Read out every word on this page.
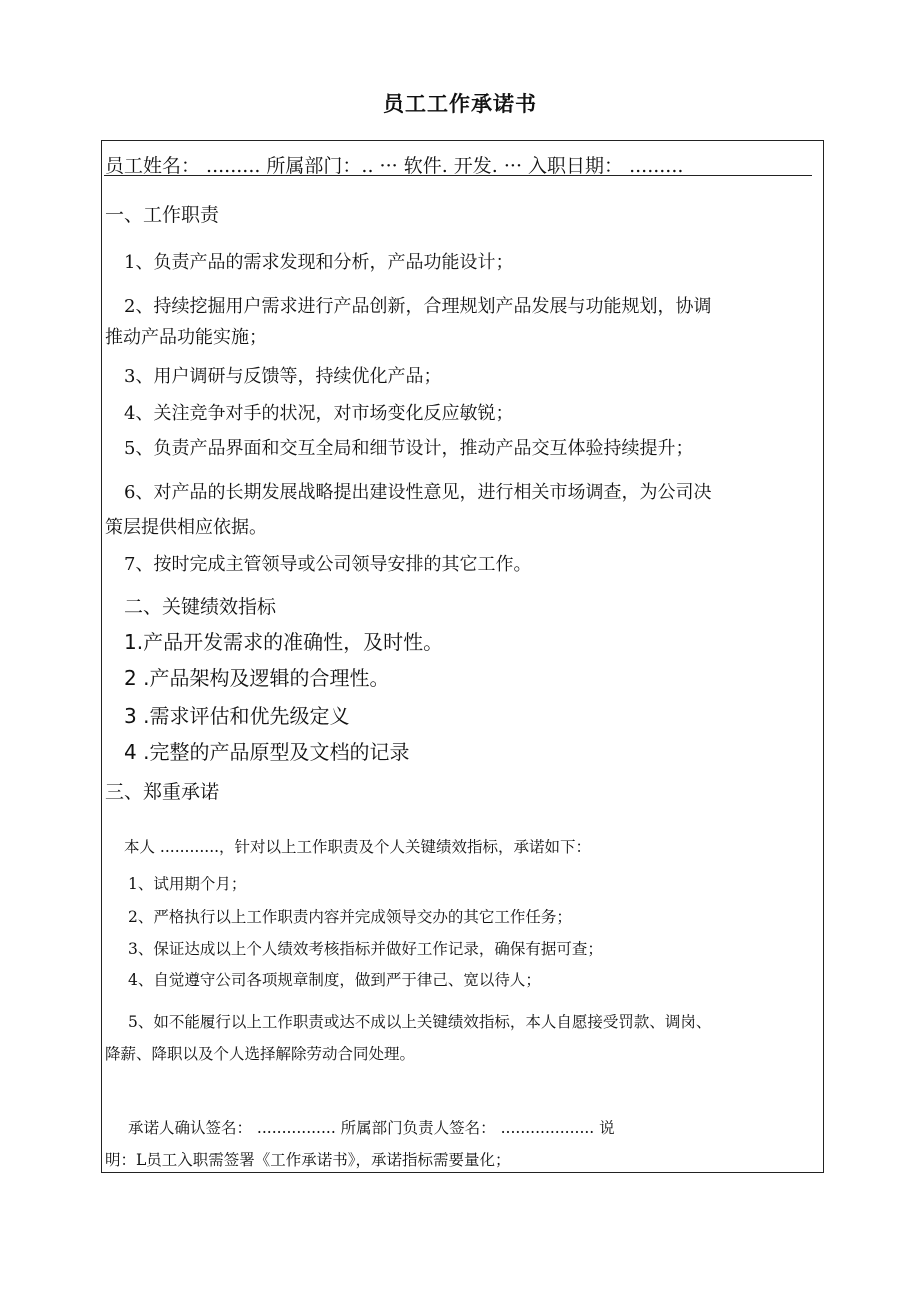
员工工作承诺书
员工姓名： ......... 所属部门：.. ··· 软件. 开发. ··· 入职日期： .........
一、工作职责
1、负责产品的需求发现和分析，产品功能设计；
2、持续挖掘用户需求进行产品创新，合理规划产品发展与功能规划，协调
推动产品功能实施；
3、用户调研与反馈等，持续优化产品；
4、关注竞争对手的状况，对市场变化反应敏锐；
5、负责产品界面和交互全局和细节设计，推动产品交互体验持续提升；
6、对产品的长期发展战略提出建设性意见，进行相关市场调查，为公司决
策层提供相应依据。
7、按时完成主管领导或公司领导安排的其它工作。
二、关键绩效指标
1.产品开发需求的准确性，及时性。
2 .产品架构及逻辑的合理性。
3 .需求评估和优先级定义
4 .完整的产品原型及文档的记录
三、郑重承诺
本人 ............，针对以上工作职责及个人关键绩效指标，承诺如下：
1、试用期个月；
2、严格执行以上工作职责内容并完成领导交办的其它工作任务；
3、保证达成以上个人绩效考核指标并做好工作记录，确保有据可查；
4、自觉遵守公司各项规章制度，做到严于律己、宽以待人；
5、如不能履行以上工作职责或达不成以上关键绩效指标，本人自愿接受罚款、调岗、
降薪、降职以及个人选择解除劳动合同处理。
承诺人确认签名： ................ 所属部门负责人签名： ................... 说
明：L员工入职需签署《工作承诺书》，承诺指标需要量化；
